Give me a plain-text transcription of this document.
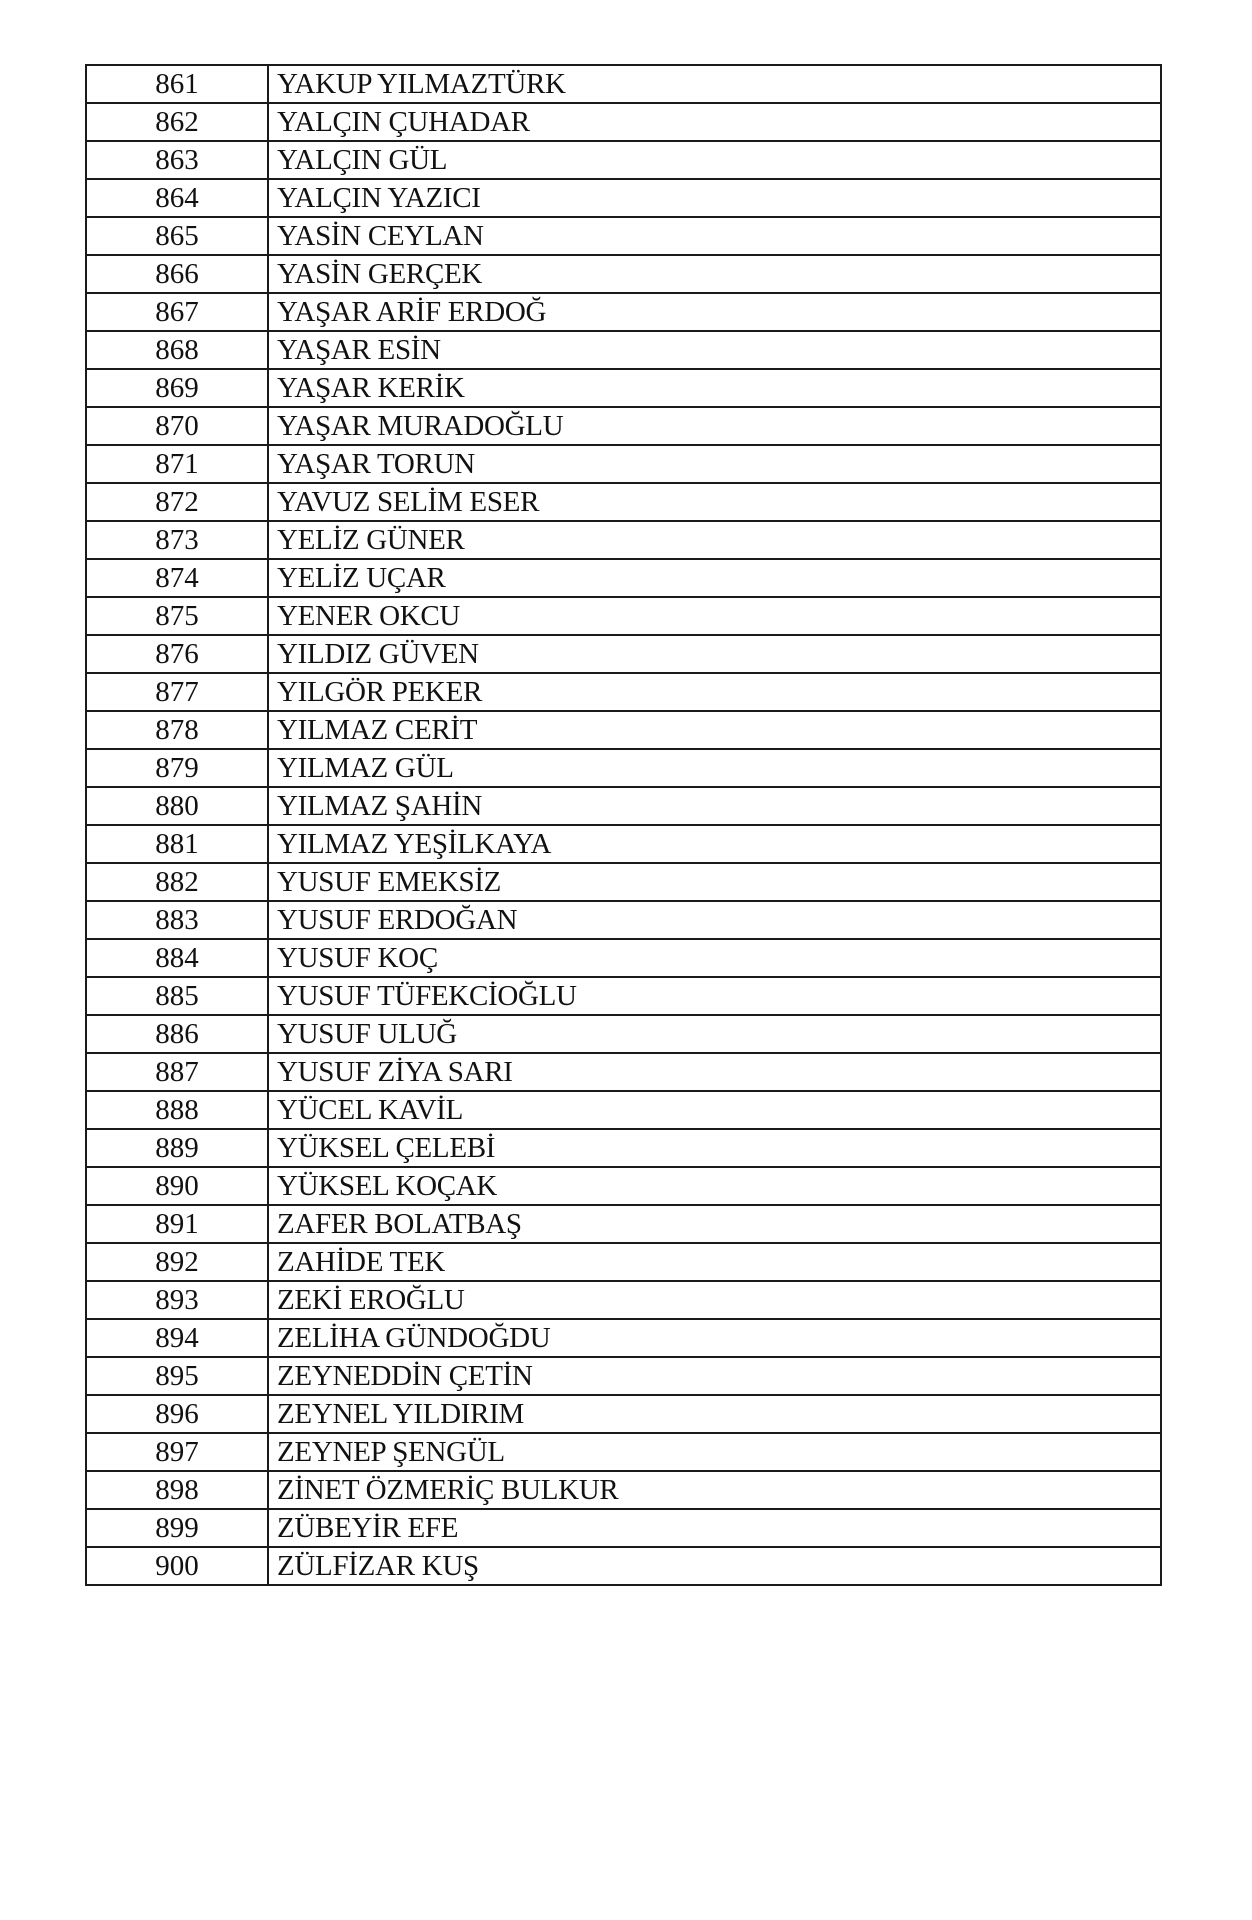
861	YAKUP YILMAZTÜRK
862	YALÇIN ÇUHADAR
863	YALÇIN GÜL
864	YALÇIN YAZICI
865	YASİN CEYLAN
866	YASİN GERÇEK
867	YAŞAR ARİF ERDOĞ
868	YAŞAR ESİN
869	YAŞAR KERİK
870	YAŞAR MURADOĞLU
871	YAŞAR TORUN
872	YAVUZ SELİM ESER
873	YELİZ GÜNER
874	YELİZ UÇAR
875	YENER OKCU
876	YILDIZ GÜVEN
877	YILGÖR PEKER
878	YILMAZ CERİT
879	YILMAZ GÜL
880	YILMAZ ŞAHİN
881	YILMAZ YEŞİLKAYA
882	YUSUF EMEKSİZ
883	YUSUF ERDOĞAN
884	YUSUF KOÇ
885	YUSUF TÜFEKCİOĞLU
886	YUSUF ULUĞ
887	YUSUF ZİYA SARI
888	YÜCEL KAVİL
889	YÜKSEL ÇELEBİ
890	YÜKSEL KOÇAK
891	ZAFER BOLATBAŞ
892	ZAHİDE TEK
893	ZEKİ EROĞLU
894	ZELİHA GÜNDOĞDU
895	ZEYNEDDİN ÇETİN
896	ZEYNEL YILDIRIM
897	ZEYNEP ŞENGÜL
898	ZİNET ÖZMERİÇ BULKUR
899	ZÜBEYİR EFE
900	ZÜLFİZAR KUŞ
